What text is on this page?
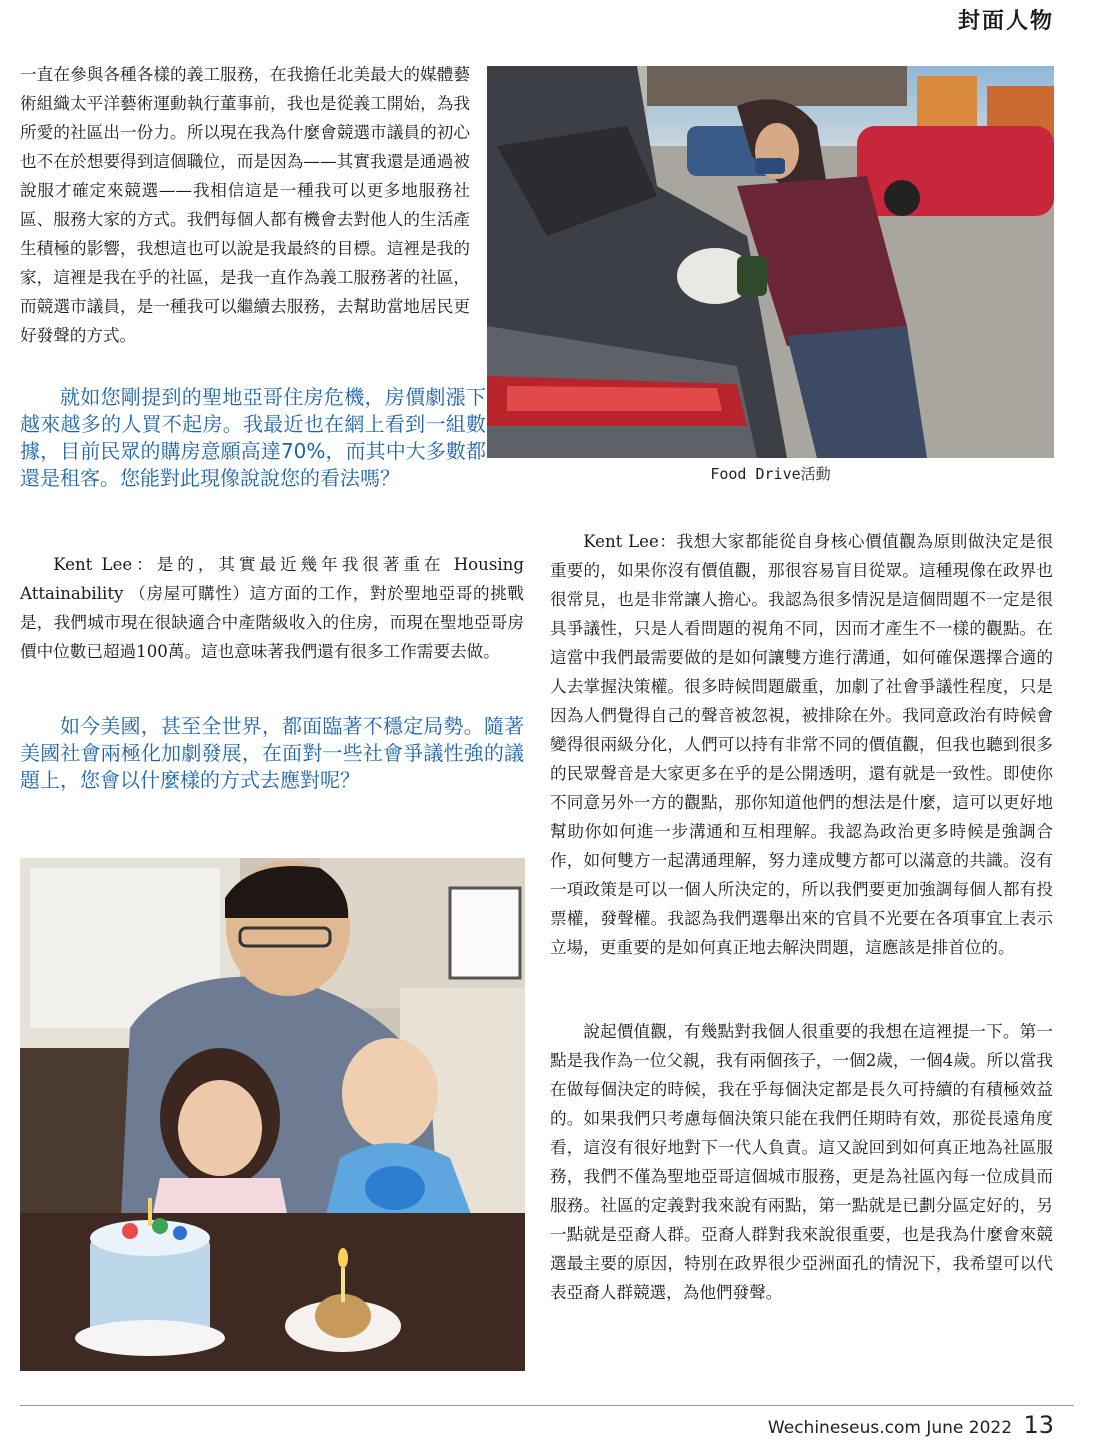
封面人物

一直在參與各種各樣的義工服務，在我擔任北美最大的媒體藝術組織太平洋藝術運動執行董事前，我也是從義工開始，為我所愛的社區出一份力。所以現在我為什麼會競選市議員的初心也不在於想要得到這個職位，而是因為——其實我還是通過被說服才確定來競選——我相信這是一種我可以更多地服務社區、服務大家的方式。我們每個人都有機會去對他人的生活產生積極的影響，我想這也可以說是我最終的目標。這裡是我的家，這裡是我在乎的社區，是我一直作為義工服務著的社區，而競選市議員，是一種我可以繼續去服務，去幫助當地居民更好發聲的方式。

Food Drive活動

就如您剛提到的聖地亞哥住房危機，房價劇漲下越來越多的人買不起房。我最近也在網上看到一組數據，目前民眾的購房意願高達70%，而其中大多數都還是租客。您能對此現像說說您的看法嗎？

Kent Lee：是的，其實最近幾年我很著重在 Housing Attainability （房屋可購性）這方面的工作，對於聖地亞哥的挑戰是，我們城市現在很缺適合中產階級收入的住房，而現在聖地亞哥房價中位數已超過100萬。這也意味著我們還有很多工作需要去做。

如今美國，甚至全世界，都面臨著不穩定局勢。隨著美國社會兩極化加劇發展，在面對一些社會爭議性強的議題上，您會以什麼樣的方式去應對呢？

Kent Lee：我想大家都能從自身核心價值觀為原則做決定是很重要的，如果你沒有價值觀，那很容易盲目從眾。這種現像在政界也很常見，也是非常讓人擔心。我認為很多情況是這個問題不一定是很具爭議性，只是人看問題的視角不同，因而才產生不一樣的觀點。在這當中我們最需要做的是如何讓雙方進行溝通，如何確保選擇合適的人去掌握決策權。很多時候問題嚴重，加劇了社會爭議性程度，只是因為人們覺得自己的聲音被忽視，被排除在外。我同意政治有時候會變得很兩級分化，人們可以持有非常不同的價值觀，但我也聽到很多的民眾聲音是大家更多在乎的是公開透明，還有就是一致性。即使你不同意另外一方的觀點，那你知道他們的想法是什麼，這可以更好地幫助你如何進一步溝通和互相理解。我認為政治更多時候是強調合作，如何雙方一起溝通理解，努力達成雙方都可以滿意的共識。沒有一項政策是可以一個人所決定的，所以我們要更加強調每個人都有投票權，發聲權。我認為我們選舉出來的官員不光要在各項事宜上表示立場，更重要的是如何真正地去解決問題，這應該是排首位的。

說起價值觀，有幾點對我個人很重要的我想在這裡提一下。第一點是我作為一位父親，我有兩個孩子，一個2歲，一個4歲。所以當我在做每個決定的時候，我在乎每個決定都是長久可持續的有積極效益的。如果我們只考慮每個決策只能在我們任期時有效，那從長遠角度看，這沒有很好地對下一代人負責。這又說回到如何真正地為社區服務，我們不僅為聖地亞哥這個城市服務，更是為社區內每一位成員而服務。社區的定義對我來說有兩點，第一點就是已劃分區定好的，另一點就是亞裔人群。亞裔人群對我來說很重要，也是我為什麼會來競選最主要的原因，特別在政界很少亞洲面孔的情況下，我希望可以代表亞裔人群競選，為他們發聲。

Wechineseus.com June 2022 13
